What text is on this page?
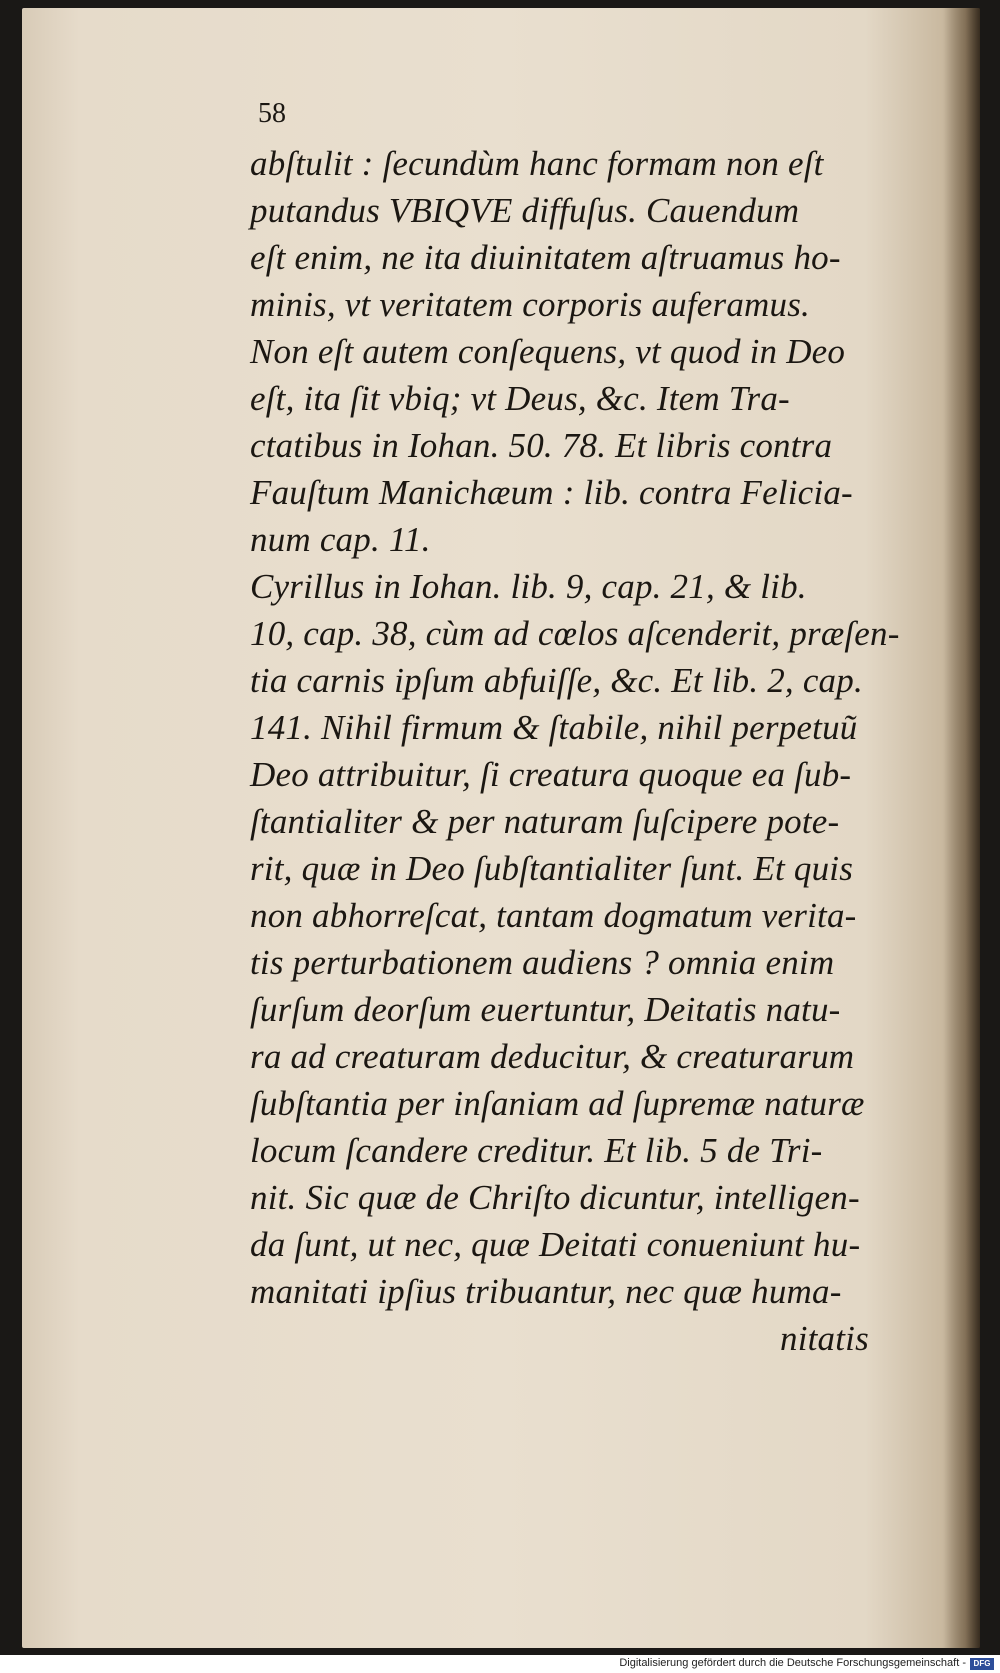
58
abſtulit : ſecundùm hanc formam non eſt
putandus VBIQVE diffuſus. Cauendum
eſt enim, ne ita diuinitatem aſtruamus ho-
minis, vt veritatem corporis auferamus.
Non eſt autem conſequens, vt quod in Deo
eſt, ita ſit vbiq; vt Deus, &c. Item Tra-
ctatibus in Iohan. 50. 78. Et libris contra
Fauſtum Manichæum : lib. contra Felicia-
num cap. 11.
Cyrillus in Iohan. lib. 9, cap. 21, & lib.
10, cap. 38, cùm ad cœlos aſcenderit, præſen-
tia carnis ipſum abfuiſſe, &c. Et lib. 2, cap.
141. Nihil firmum & ſtabile, nihil perpetuũ
Deo attribuitur, ſi creatura quoque ea ſub-
ſtantialiter & per naturam ſuſcipere pote-
rit, quæ in Deo ſubſtantialiter ſunt. Et quis
non abhorreſcat, tantam dogmatum verita-
tis perturbationem audiens ? omnia enim
ſurſum deorſum euertuntur, Deitatis natu-
ra ad creaturam deducitur, & creaturarum
ſubſtantia per inſaniam ad ſupremæ naturæ
locum ſcandere creditur. Et lib. 5 de Tri-
nit. Sic quæ de Chriſto dicuntur, intelligen-
da ſunt, ut nec, quæ Deitati conueniunt hu-
manitati ipſius tribuantur, nec quæ huma-
nitatis
Digitalisierung gefördert durch die Deutsche Forschungsgemeinschaft - DFG
